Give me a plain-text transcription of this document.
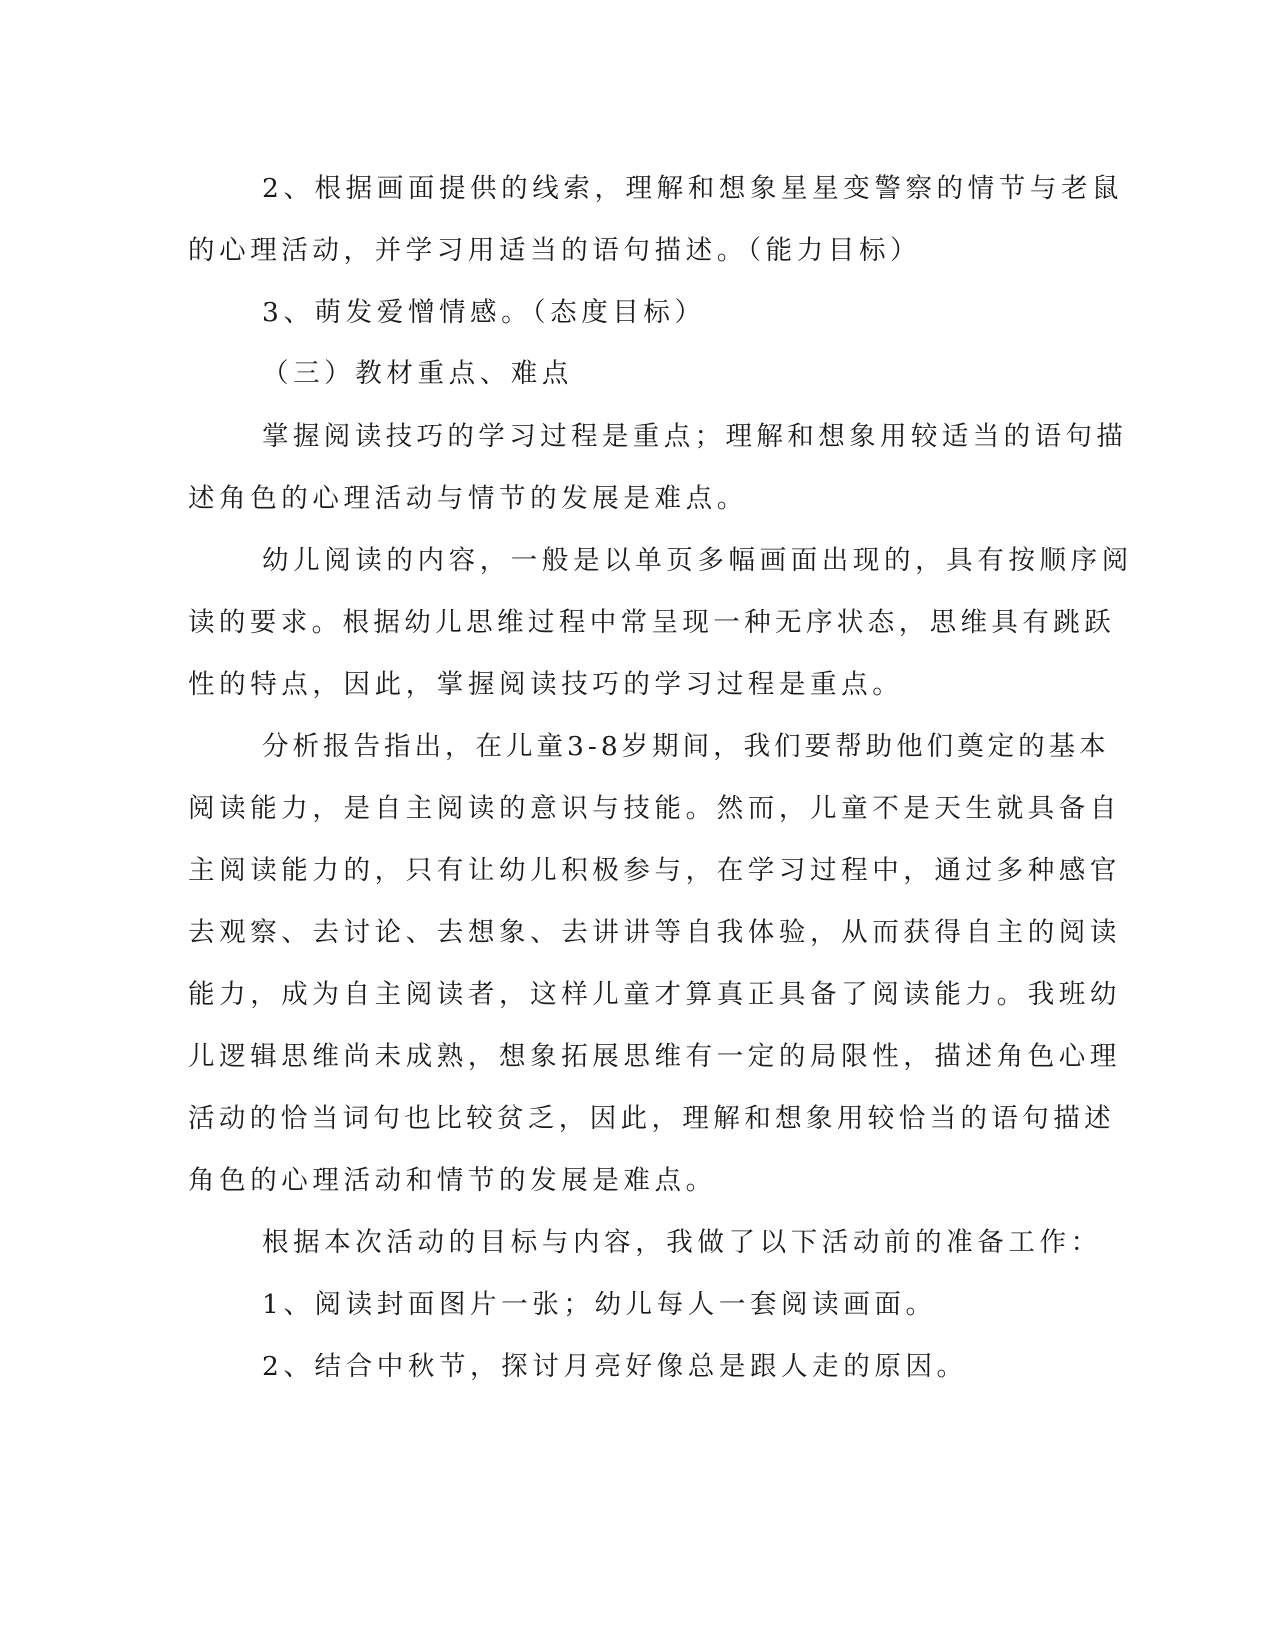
2、根据画面提供的线索，理解和想象星星变警察的情节与老鼠
的心理活动，并学习用适当的语句描述。（能力目标）
3、萌发爱憎情感。（态度目标）
（三）教材重点、难点
掌握阅读技巧的学习过程是重点；理解和想象用较适当的语句描
述角色的心理活动与情节的发展是难点。
幼儿阅读的内容，一般是以单页多幅画面出现的，具有按顺序阅
读的要求。根据幼儿思维过程中常呈现一种无序状态，思维具有跳跃
性的特点，因此，掌握阅读技巧的学习过程是重点。
分析报告指出，在儿童3-8岁期间，我们要帮助他们奠定的基本
阅读能力，是自主阅读的意识与技能。然而，儿童不是天生就具备自
主阅读能力的，只有让幼儿积极参与，在学习过程中，通过多种感官
去观察、去讨论、去想象、去讲讲等自我体验，从而获得自主的阅读
能力，成为自主阅读者，这样儿童才算真正具备了阅读能力。我班幼
儿逻辑思维尚未成熟，想象拓展思维有一定的局限性，描述角色心理
活动的恰当词句也比较贫乏，因此，理解和想象用较恰当的语句描述
角色的心理活动和情节的发展是难点。
根据本次活动的目标与内容，我做了以下活动前的准备工作：
1、阅读封面图片一张；幼儿每人一套阅读画面。
2、结合中秋节，探讨月亮好像总是跟人走的原因。
